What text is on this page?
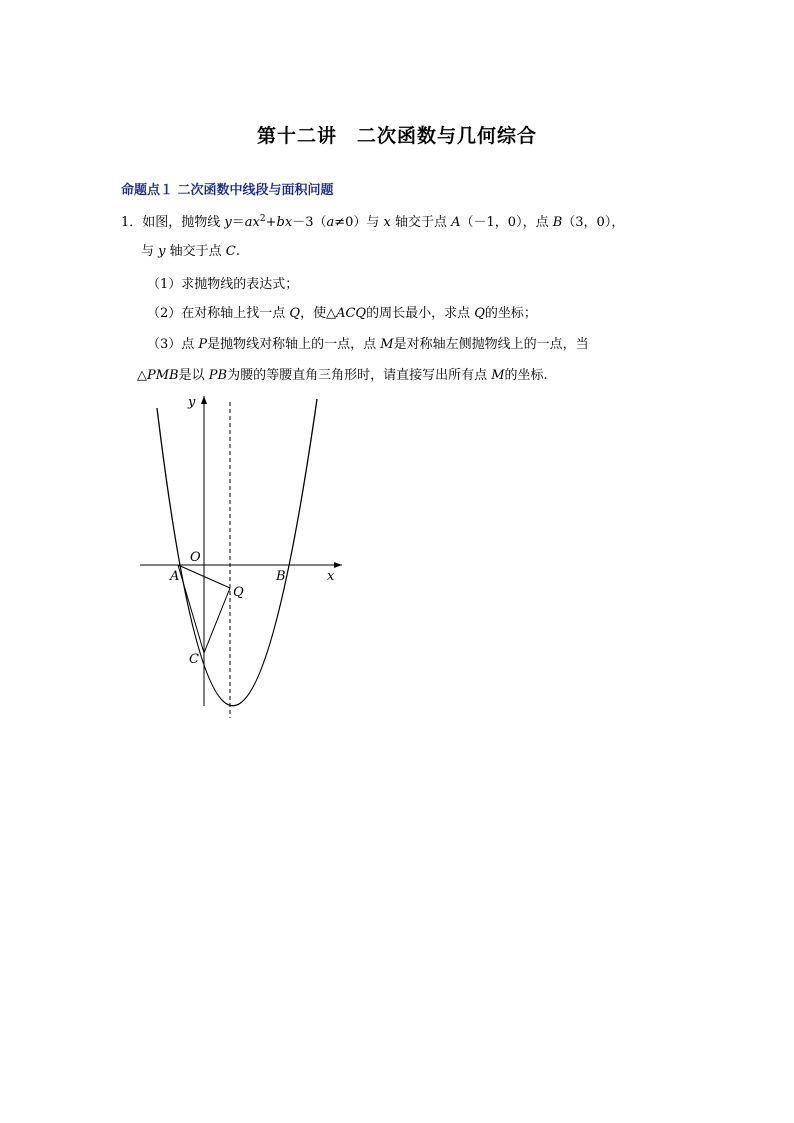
第十二讲　二次函数与几何综合
命题点１ 二次函数中线段与面积问题
1．如图，抛物线 $y=ax^2+bx-3(a\ne 0)$与 x 轴交于点 A（－1，0），点 B（3，0），
与 y 轴交于点 C.
（1）求抛物线的表达式；
（2）在对称轴上找一点 Q，使△ACQ的周长最小，求点 Q的坐标；
（3）点 P是抛物线对称轴上的一点，点 M是对称轴左侧抛物线上的一点，当
△PMB是以 PB为腰的等腰直角三角形时，请直接写出所有点 M的坐标.
y
x
O
A	B
Q
C
